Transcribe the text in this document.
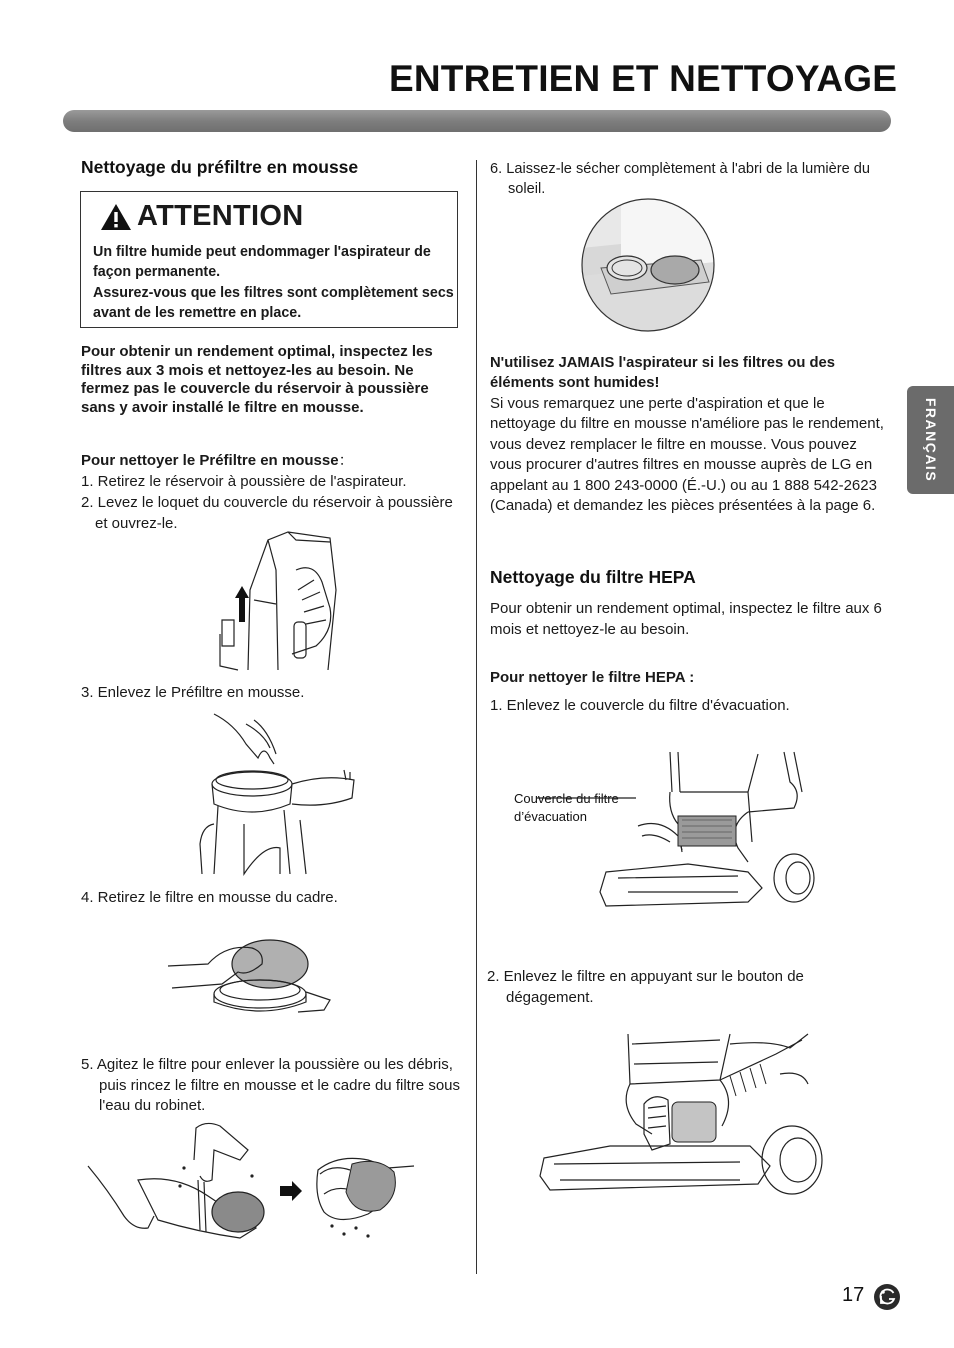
ENTRETIEN ET NETTOYAGE
Nettoyage du préfiltre en mousse
ATTENTION
Un filtre humide peut endommager l'aspirateur de façon permanente.
Assurez-vous que les filtres sont complètement secs avant de les remettre en place.
Pour obtenir un rendement optimal, inspectez les filtres aux 3 mois et nettoyez-les au besoin. Ne fermez pas le couvercle du réservoir à poussière sans y avoir installé le filtre en mousse.
Pour nettoyer le Préfiltre en mousse：
1. Retirez le réservoir à poussière de l'aspirateur.
2. Levez le loquet du couvercle du réservoir à poussière et ouvrez-le.
3. Enlevez le Préfiltre en mousse.
4. Retirez le filtre en mousse du cadre.
5. Agitez le filtre pour enlever la poussière ou les débris, puis rincez le filtre en mousse et le cadre du filtre sous l'eau du robinet.
6. Laissez-le sécher complètement à l'abri de la lumière du soleil.
N'utilisez JAMAIS l'aspirateur si les filtres ou des éléments sont humides!
Si vous remarquez une perte d'aspiration et que le nettoyage du filtre en mousse n'améliore pas le rendement, vous devez remplacer le filtre en mousse. Vous pouvez vous procurer d'autres filtres en mousse auprès de LG en appelant au 1 800 243-0000 (É.-U.) ou au 1 888 542-2623 (Canada) et demandez les pièces présentées à la page 6.
Nettoyage du filtre HEPA
Pour obtenir un rendement optimal, inspectez le filtre aux 6 mois et nettoyez-le au besoin.
Pour nettoyer le filtre HEPA :
1. Enlevez le couvercle du filtre d'évacuation.
Couvercle du filtre
d’évacuation
2. Enlevez le filtre en appuyant sur le bouton de dégagement.
FRANÇAIS
17
